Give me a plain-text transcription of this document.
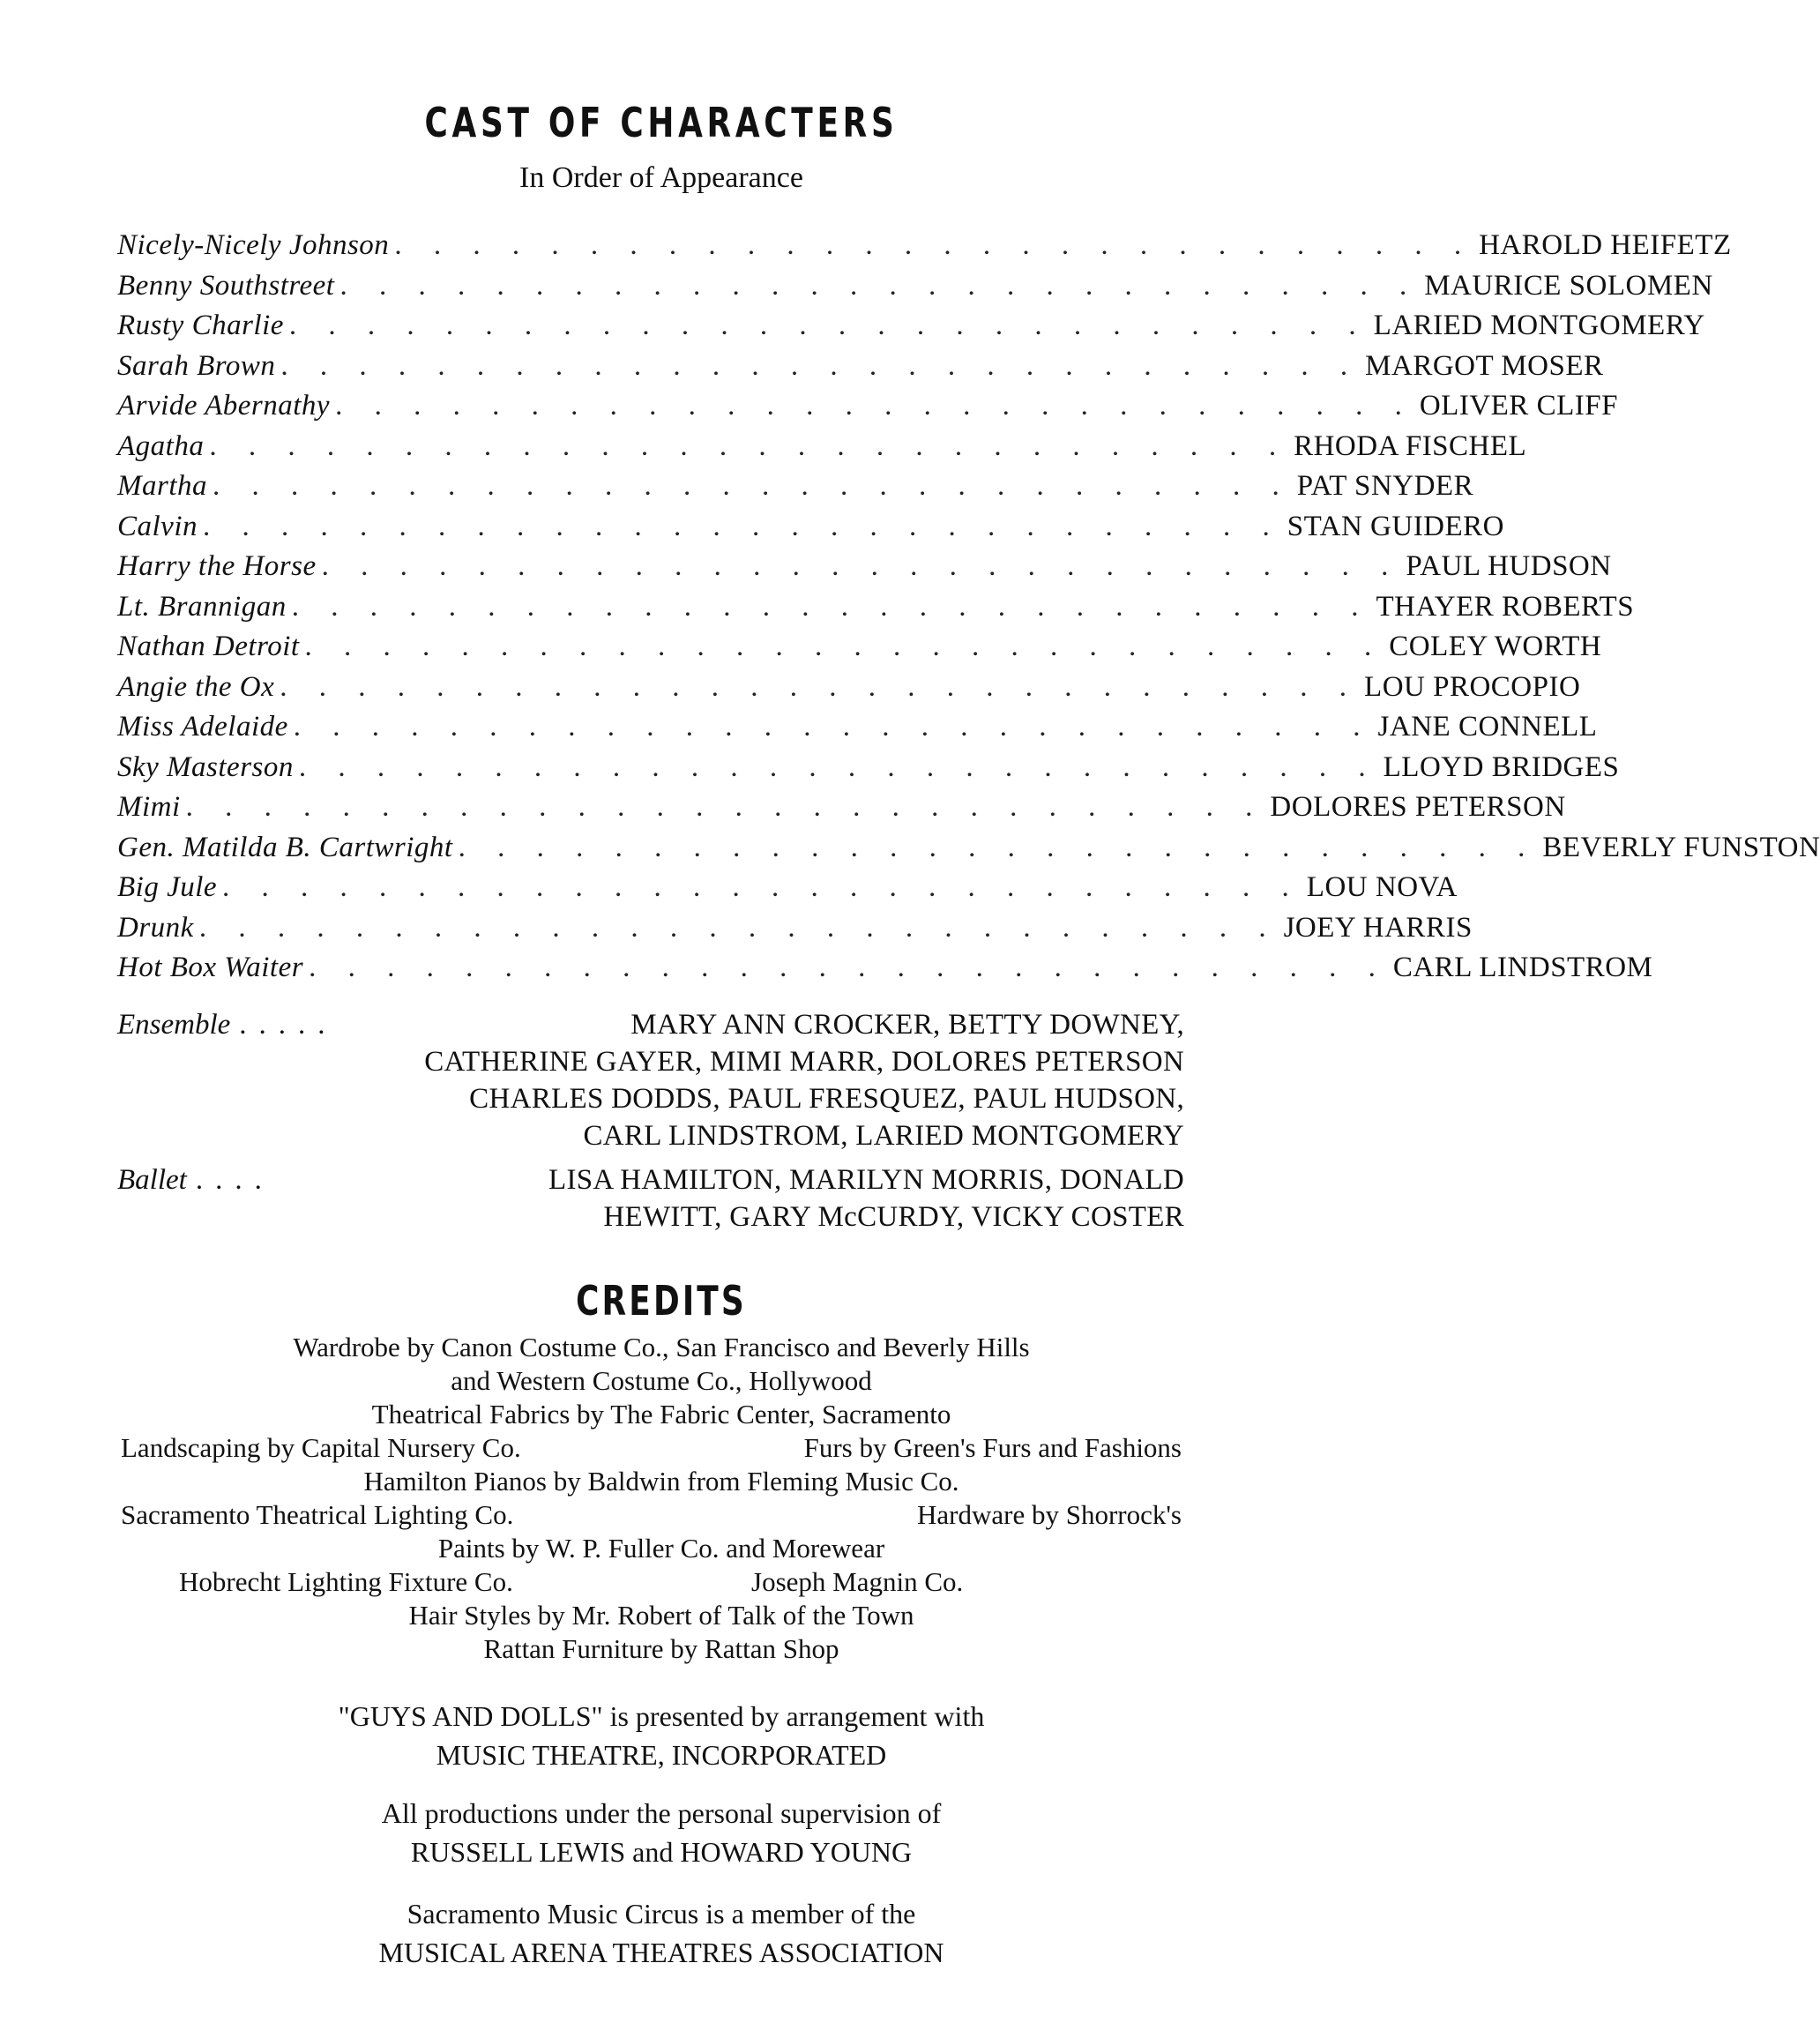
CAST OF CHARACTERS
In Order of Appearance
Nicely-Nicely Johnson . . . . . . . . . . . . . . . . . . . . . . . . . . . . HAROLD HEIFETZ
Benny Southstreet . . . . . . . . . . . . . . . . . . . . . . . . . . . . MAURICE SOLOMEN
Rusty Charlie . . . . . . . . . . . . . . . . . . . . . . . . . . . . LARIED MONTGOMERY
Sarah Brown . . . . . . . . . . . . . . . . . . . . . . . . . . . . MARGOT MOSER
Arvide Abernathy . . . . . . . . . . . . . . . . . . . . . . . . . . . . OLIVER CLIFF
Agatha . . . . . . . . . . . . . . . . . . . . . . . . . . . . RHODA FISCHEL
Martha . . . . . . . . . . . . . . . . . . . . . . . . . . . . PAT SNYDER
Calvin . . . . . . . . . . . . . . . . . . . . . . . . . . . . STAN GUIDERO
Harry the Horse . . . . . . . . . . . . . . . . . . . . . . . . . . . . PAUL HUDSON
Lt. Brannigan . . . . . . . . . . . . . . . . . . . . . . . . . . . . THAYER ROBERTS
Nathan Detroit . . . . . . . . . . . . . . . . . . . . . . . . . . . . COLEY WORTH
Angie the Ox . . . . . . . . . . . . . . . . . . . . . . . . . . . . LOU PROCOPIO
Miss Adelaide . . . . . . . . . . . . . . . . . . . . . . . . . . . . JANE CONNELL
Sky Masterson . . . . . . . . . . . . . . . . . . . . . . . . . . . . LLOYD BRIDGES
Mimi . . . . . . . . . . . . . . . . . . . . . . . . . . . . DOLORES PETERSON
Gen. Matilda B. Cartwright . . . . . . . . . . . . . . . . . . . . . . . . . . . . BEVERLY FUNSTON
Big Jule . . . . . . . . . . . . . . . . . . . . . . . . . . . . LOU NOVA
Drunk . . . . . . . . . . . . . . . . . . . . . . . . . . . . JOEY HARRIS
Hot Box Waiter . . . . . . . . . . . . . . . . . . . . . . . . . . . . CARL LINDSTROM
Ensemble .....	MARY ANN CROCKER, BETTY DOWNEY,
CATHERINE GAYER, MIMI MARR, DOLORES PETERSON
CHARLES DODDS, PAUL FRESQUEZ, PAUL HUDSON,
CARL LINDSTROM, LARIED MONTGOMERY
Ballet ....	LISA HAMILTON, MARILYN MORRIS, DONALD
HEWITT, GARY McCURDY, VICKY COSTER
CREDITS
Wardrobe by Canon Costume Co., San Francisco and Beverly Hills
and Western Costume Co., Hollywood
Theatrical Fabrics by The Fabric Center, Sacramento
Landscaping by Capital Nursery Co.	Furs by Green's Furs and Fashions
Hamilton Pianos by Baldwin from Fleming Music Co.
Sacramento Theatrical Lighting Co.	Hardware by Shorrock's
Paints by W. P. Fuller Co. and Morewear
Hobrecht Lighting Fixture Co.	Joseph Magnin Co.
Hair Styles by Mr. Robert of Talk of the Town
Rattan Furniture by Rattan Shop
"GUYS AND DOLLS" is presented by arrangement with
MUSIC THEATRE, INCORPORATED
All productions under the personal supervision of
RUSSELL LEWIS and HOWARD YOUNG
Sacramento Music Circus is a member of the
MUSICAL ARENA THEATRES ASSOCIATION
